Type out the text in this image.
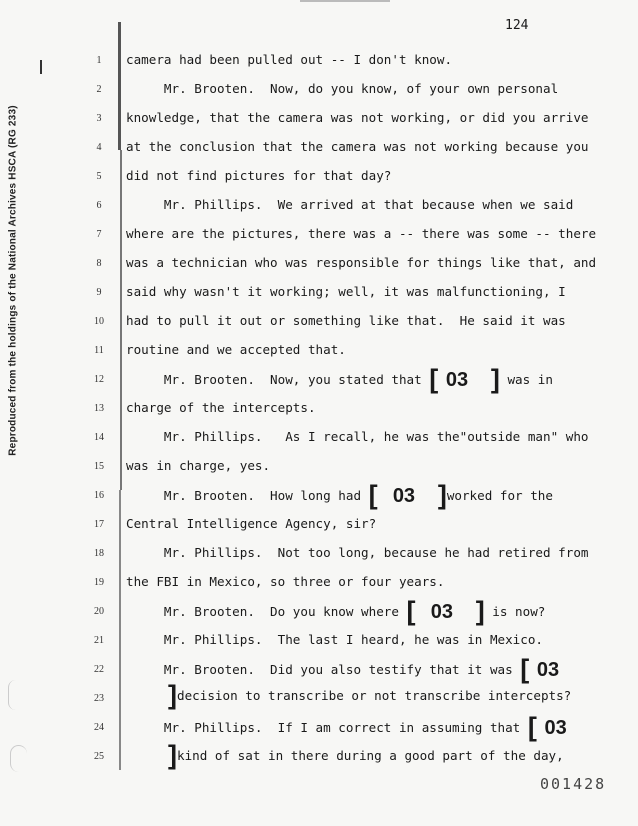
Reproduced from the holdings of the National Archives HSCA (RG 233)
124
1
2
3
4
5
6
7
8
9
10
11
12
13
14
15
16
17
18
19
20
21
22
23
24
25
camera had been pulled out -- I don't know.
Mr. Brooten.  Now, do you know, of your own personal
knowledge, that the camera was not working, or did you arrive
at the conclusion that the camera was not working because you
did not find pictures for that day?
Mr. Phillips.  We arrived at that because when we said
where are the pictures, there was a -- there was some -- there
was a technician who was responsible for things like that, and
said why wasn't it working; well, it was malfunctioning, I
had to pull it out or something like that.  He said it was
routine and we accepted that.
Mr. Brooten.  Now, you stated that [ 03 ] was in
charge of the intercepts.
Mr. Phillips.   As I recall, he was the"outside man" who
was in charge, yes.
Mr. Brooten.  How long had [ 03 ]worked for the
Central Intelligence Agency, sir?
Mr. Phillips.  Not too long, because he had retired from
the FBI in Mexico, so three or four years.
Mr. Brooten.  Do you know where [ 03 ] is now?
Mr. Phillips.  The last I heard, he was in Mexico.
Mr. Brooten.  Did you also testify that it was [ 03
]decision to transcribe or not transcribe intercepts?
Mr. Phillips.  If I am correct in assuming that [ 03
]kind of sat in there during a good part of the day,
001428
